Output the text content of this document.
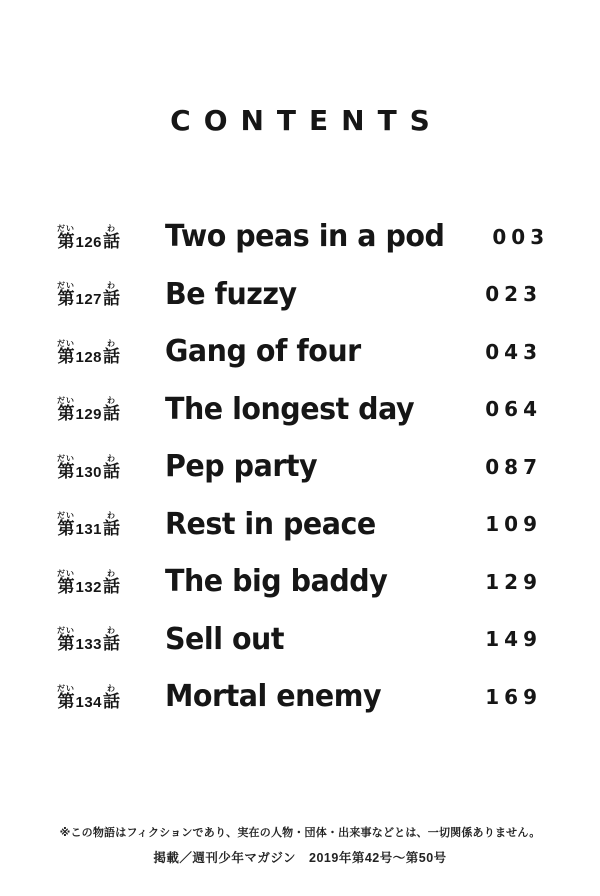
CONTENTS
第だい126話わ Two peas in a pod	003
第だい127話わ Be fuzzy	023
第だい128話わ Gang of four	043
第だい129話わ The longest day	064
第だい130話わ Pep party	087
第だい131話わ Rest in peace	109
第だい132話わ The big baddy	129
第だい133話わ Sell out	149
第だい134話わ Mortal enemy	169
※この物語はフィクションであり、実在の人物・団体・出来事などとは、一切関係ありません。
掲載／週刊少年マガジン　2019年第42号～第50号
